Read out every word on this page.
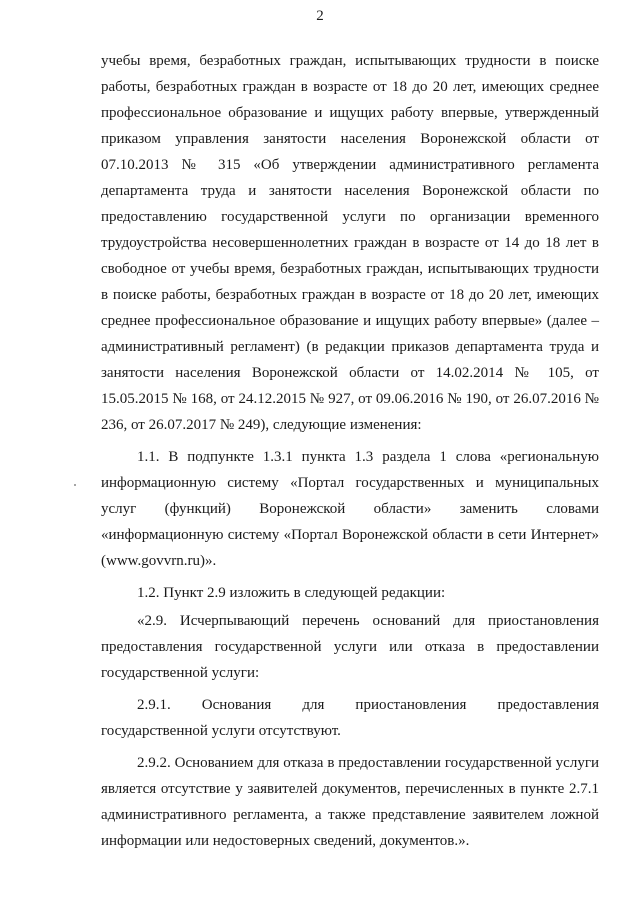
2

учебы время, безработных граждан, испытывающих трудности в поиске работы, безработных граждан в возрасте от 18 до 20 лет, имеющих среднее профессиональное образование и ищущих работу впервые, утвержденный приказом управления занятости населения Воронежской области от 07.10.2013 № 315 «Об утверждении административного регламента департамента труда и занятости населения Воронежской области по предоставлению государственной услуги по организации временного трудоустройства несовершеннолетних граждан в возрасте от 14 до 18 лет в свободное от учебы время, безработных граждан, испытывающих трудности в поиске работы, безработных граждан в возрасте от 18 до 20 лет, имеющих среднее профессиональное образование и ищущих работу впервые» (далее – административный регламент) (в редакции приказов департамента труда и занятости населения Воронежской области от 14.02.2014 № 105, от 15.05.2015 № 168, от 24.12.2015 № 927, от 09.06.2016 № 190, от 26.07.2016 № 236, от 26.07.2017 № 249), следующие изменения:

1.1. В подпункте 1.3.1 пункта 1.3 раздела 1 слова «региональную информационную систему «Портал государственных и муниципальных услуг (функций) Воронежской области» заменить словами «информационную систему «Портал Воронежской области в сети Интернет» (www.govvrn.ru)».

1.2. Пункт 2.9 изложить в следующей редакции:

«2.9. Исчерпывающий перечень оснований для приостановления предоставления государственной услуги или отказа в предоставлении государственной услуги:

2.9.1. Основания для приостановления предоставления государственной услуги отсутствуют.

2.9.2. Основанием для отказа в предоставлении государственной услуги является отсутствие у заявителей документов, перечисленных в пункте 2.7.1 административного регламента, а также представление заявителем ложной информации или недостоверных сведений, документов.».
